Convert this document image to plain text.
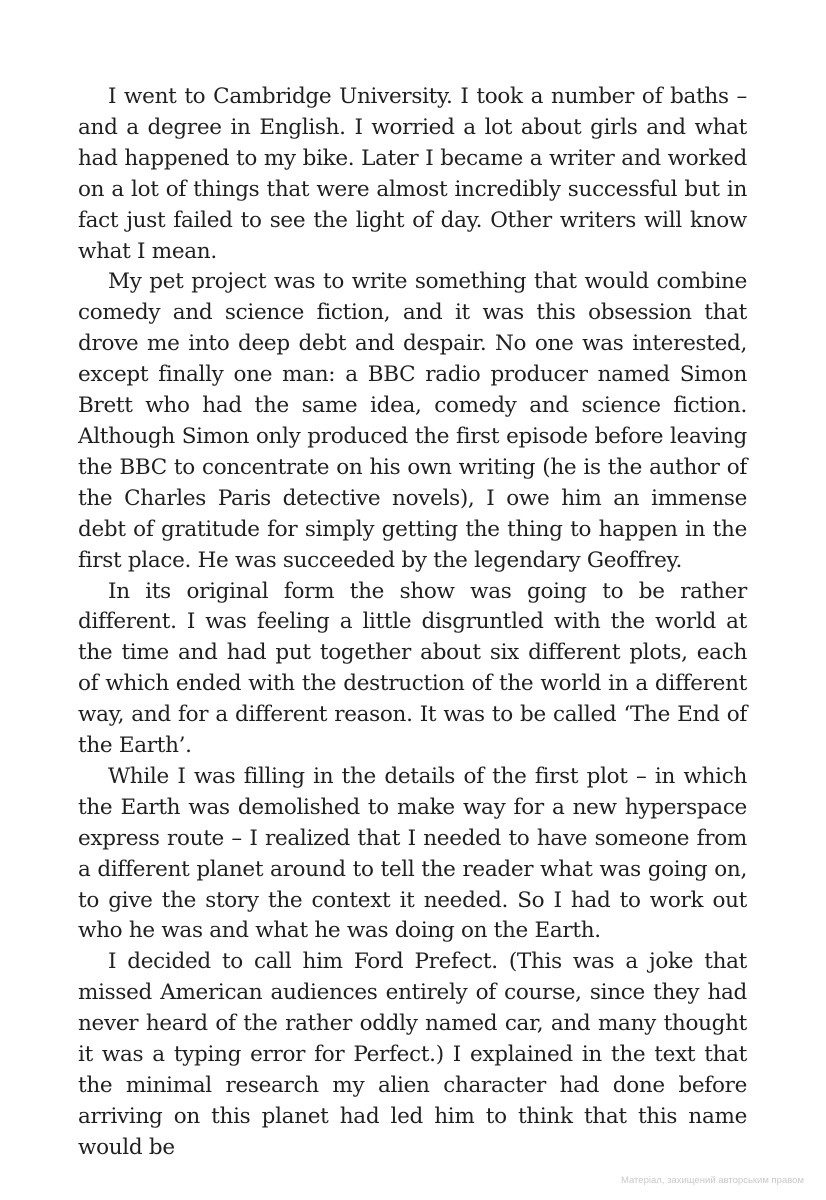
I went to Cambridge University. I took a number of baths – and a degree in English. I worried a lot about girls and what had happened to my bike. Later I became a writer and worked on a lot of things that were almost incredibly successful but in fact just failed to see the light of day. Other writers will know what I mean.

My pet project was to write something that would combine comedy and science fiction, and it was this obsession that drove me into deep debt and despair. No one was interested, except finally one man: a BBC radio producer named Simon Brett who had the same idea, comedy and science fiction. Although Simon only produced the first episode before leaving the BBC to concentrate on his own writing (he is the author of the Charles Paris detective novels), I owe him an immense debt of gratitude for simply getting the thing to happen in the first place. He was succeeded by the legendary Geoffrey.

In its original form the show was going to be rather different. I was feeling a little disgruntled with the world at the time and had put together about six different plots, each of which ended with the destruction of the world in a different way, and for a different reason. It was to be called ‘The End of the Earth’.

While I was filling in the details of the first plot – in which the Earth was demolished to make way for a new hyperspace express route – I realized that I needed to have someone from a different planet around to tell the reader what was going on, to give the story the context it needed. So I had to work out who he was and what he was doing on the Earth.

I decided to call him Ford Prefect. (This was a joke that missed American audiences entirely of course, since they had never heard of the rather oddly named car, and many thought it was a typing error for Perfect.) I explained in the text that the minimal research my alien character had done before arriving on this planet had led him to think that this name would be

Матеріал, захищений авторським правом
